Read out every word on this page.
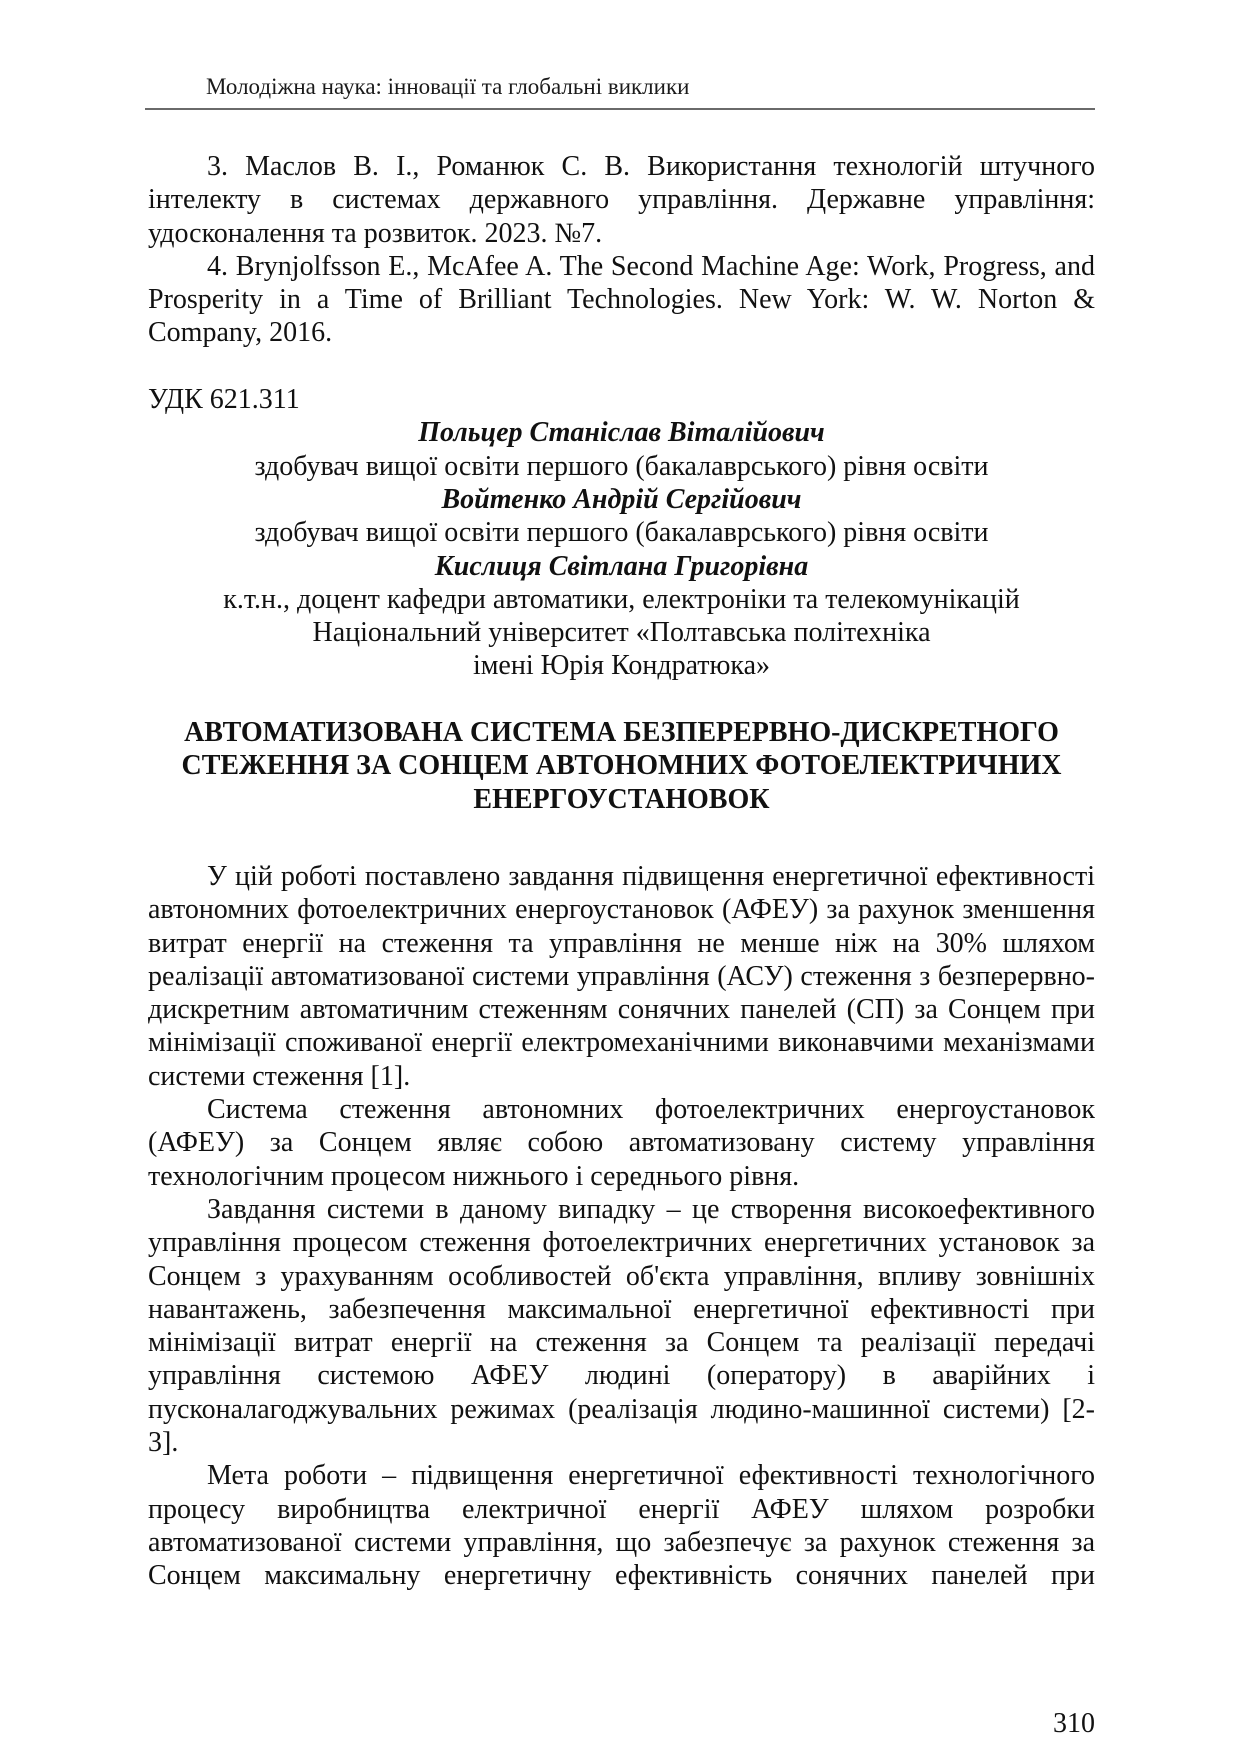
Молодіжна наука: інновації та глобальні виклики

3. Маслов В. І., Романюк С. В. Використання технологій штучного інтелекту в системах державного управління. Державне управління: удосконалення та розвиток. 2023. №7.

4. Brynjolfsson E., McAfee A. The Second Machine Age: Work, Progress, and Prosperity in a Time of Brilliant Technologies. New York: W. W. Norton & Company, 2016.

УДК 621.311

Польцер Станіслав Віталійович

здобувач вищої освіти першого (бакалаврського) рівня освіти

Войтенко Андрій Сергійович

здобувач вищої освіти першого (бакалаврського) рівня освіти

Кислиця Світлана Григорівна

к.т.н., доцент кафедри автоматики, електроніки та телекомунікацій

Національний університет «Полтавська політехніка імені Юрія Кондратюка»

АВТОМАТИЗОВАНА СИСТЕМА БЕЗПЕРЕРВНО-ДИСКРЕТНОГО СТЕЖЕННЯ ЗА СОНЦЕМ АВТОНОМНИХ ФОТОЕЛЕКТРИЧНИХ ЕНЕРГОУСТАНОВОК

У цій роботі поставлено завдання підвищення енергетичної ефективності автономних фотоелектричних енергоустановок (АФЕУ) за рахунок зменшення витрат енергії на стеження та управління не менше ніж на 30% шляхом реалізації автоматизованої системи управління (АСУ) стеження з безперервно-дискретним автоматичним стеженням сонячних панелей (СП) за Сонцем при мінімізації споживаної енергії електромеханічними виконавчими механізмами системи стеження [1].

Система стеження автономних фотоелектричних енергоустановок (АФЕУ) за Сонцем являє собою автоматизовану систему управління технологічним процесом нижнього і середнього рівня.

Завдання системи в даному випадку – це створення високоефективного управління процесом стеження фотоелектричних енергетичних установок за Сонцем з урахуванням особливостей об'єкта управління, впливу зовнішніх навантажень, забезпечення максимальної енергетичної ефективності при мінімізації витрат енергії на стеження за Сонцем та реалізації передачі управління системою АФЕУ людині (оператору) в аварійних і пусконалагоджувальних режимах (реалізація людино-машинної системи) [2-3].

Мета роботи – підвищення енергетичної ефективності технологічного процесу виробництва електричної енергії АФЕУ шляхом розробки автоматизованої системи управління, що забезпечує за рахунок стеження за Сонцем максимальну енергетичну ефективність сонячних панелей при

310
